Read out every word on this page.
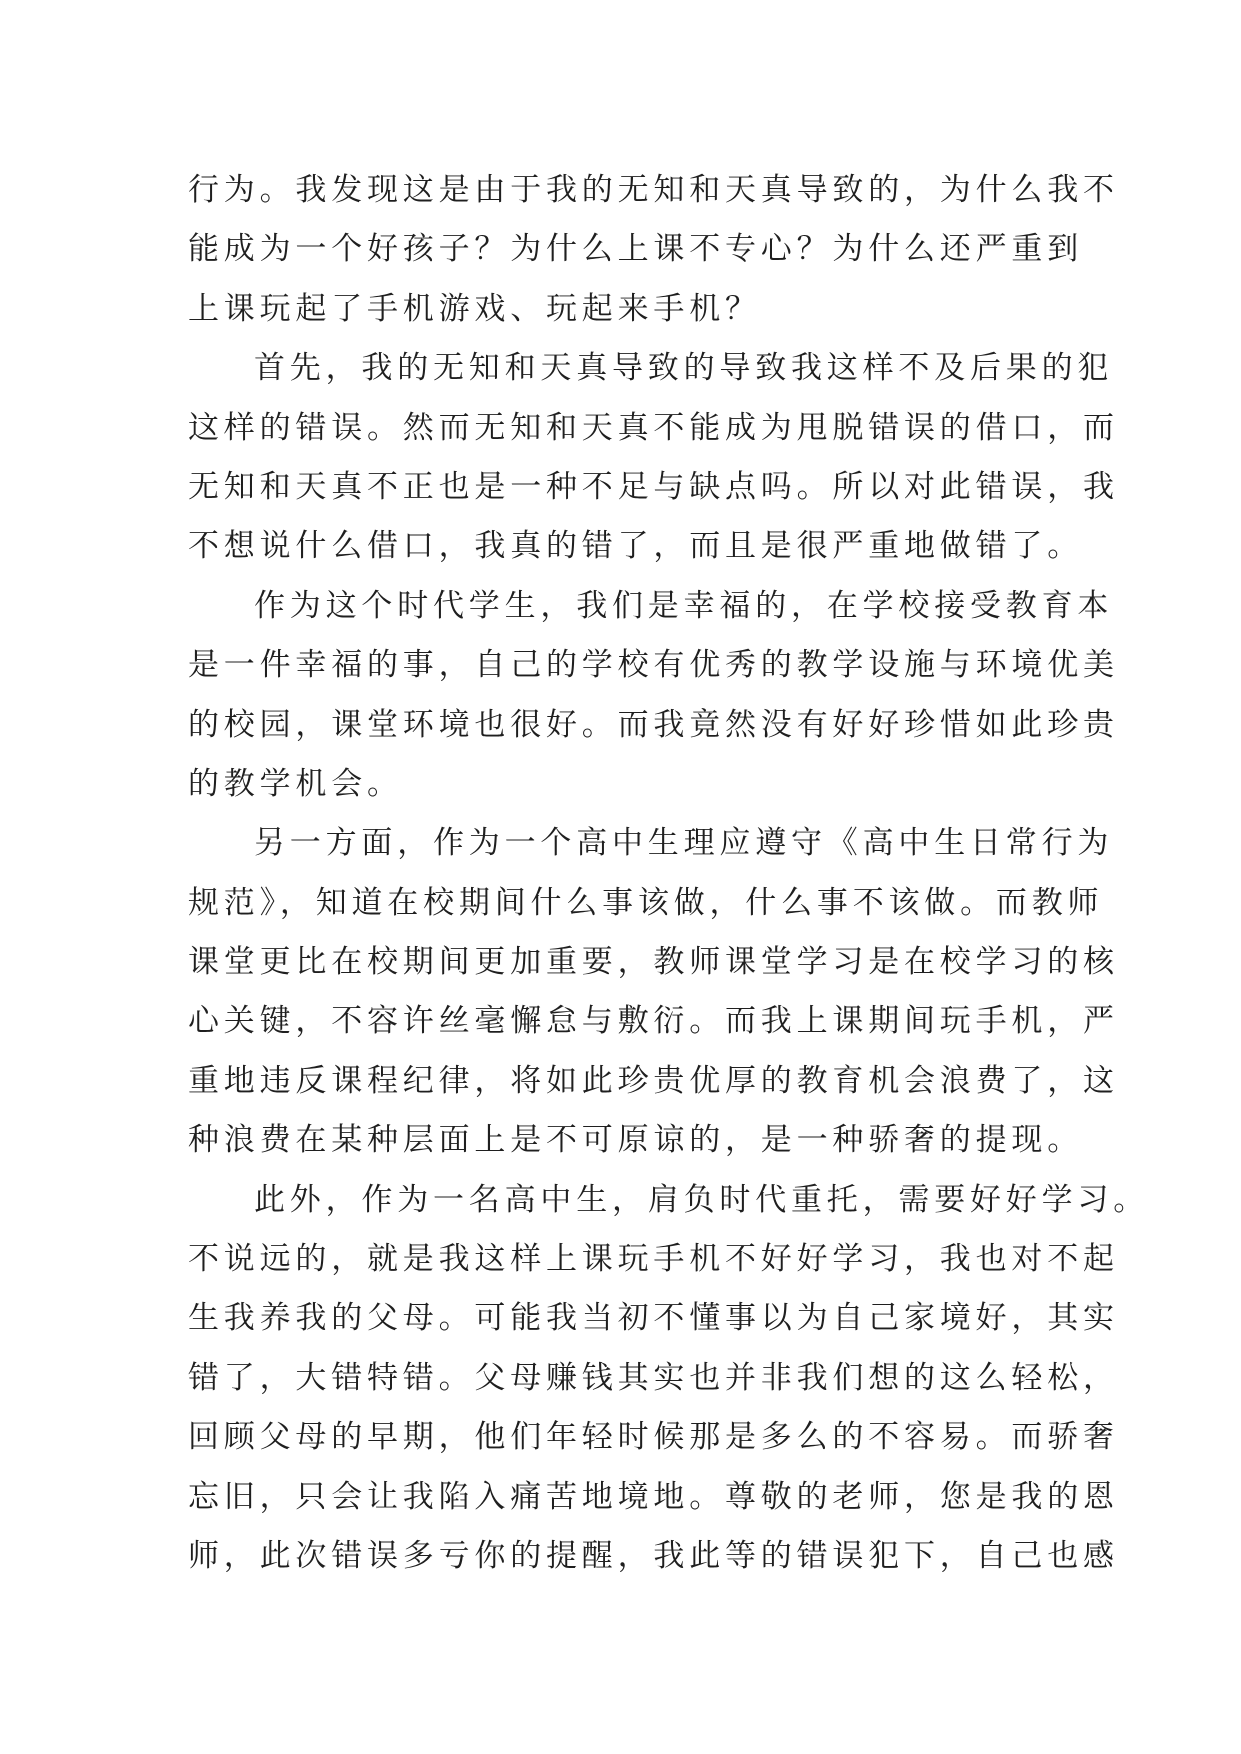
行为。我发现这是由于我的无知和天真导致的，为什么我不
能成为一个好孩子？为什么上课不专心？为什么还严重到
上课玩起了手机游戏、玩起来手机？
首先，我的无知和天真导致的导致我这样不及后果的犯
这样的错误。然而无知和天真不能成为甩脱错误的借口，而
无知和天真不正也是一种不足与缺点吗。所以对此错误，我
不想说什么借口，我真的错了，而且是很严重地做错了。
作为这个时代学生，我们是幸福的，在学校接受教育本
是一件幸福的事，自己的学校有优秀的教学设施与环境优美
的校园，课堂环境也很好。而我竟然没有好好珍惜如此珍贵
的教学机会。
另一方面，作为一个高中生理应遵守《高中生日常行为
规范》，知道在校期间什么事该做，什么事不该做。而教师
课堂更比在校期间更加重要，教师课堂学习是在校学习的核
心关键，不容许丝毫懈怠与敷衍。而我上课期间玩手机，严
重地违反课程纪律，将如此珍贵优厚的教育机会浪费了，这
种浪费在某种层面上是不可原谅的，是一种骄奢的提现。
此外，作为一名高中生，肩负时代重托，需要好好学习。
不说远的，就是我这样上课玩手机不好好学习，我也对不起
生我养我的父母。可能我当初不懂事以为自己家境好，其实
错了，大错特错。父母赚钱其实也并非我们想的这么轻松，
回顾父母的早期，他们年轻时候那是多么的不容易。而骄奢
忘旧，只会让我陷入痛苦地境地。尊敬的老师，您是我的恩
师，此次错误多亏你的提醒，我此等的错误犯下，自己也感
